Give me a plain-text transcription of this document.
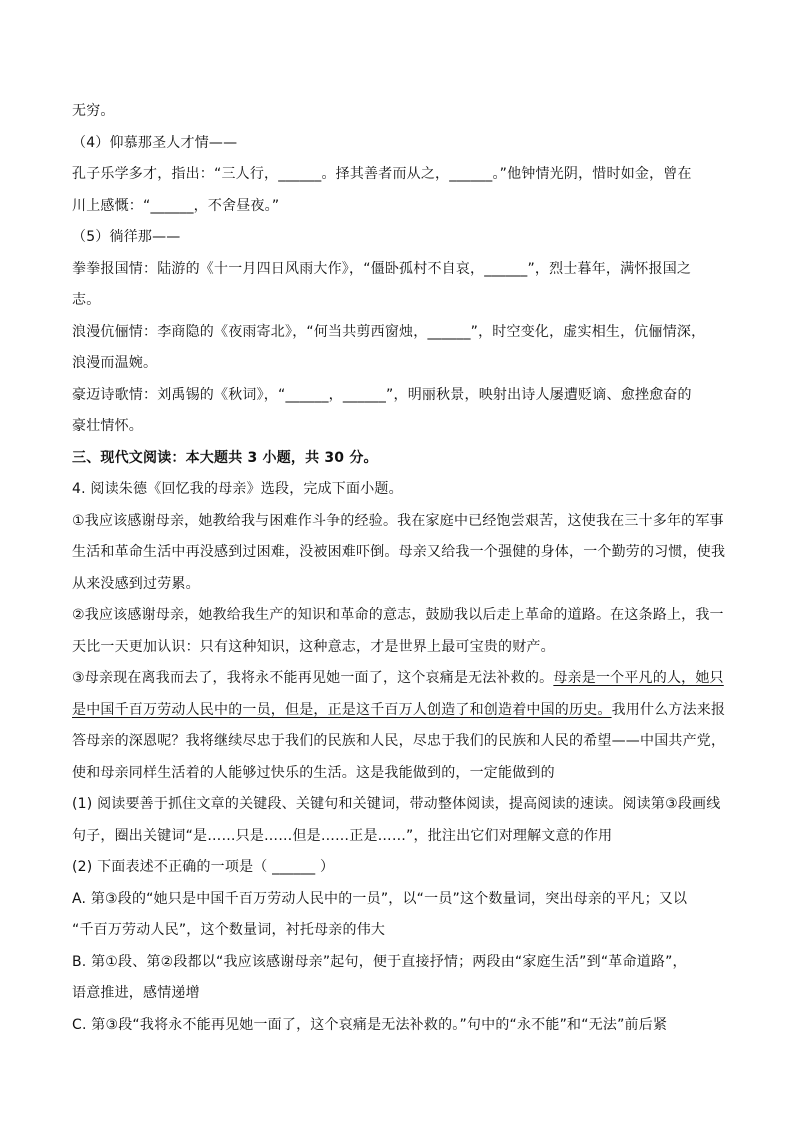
无穷。
（4）仰慕那圣人才情——
孔子乐学多才，指出：“三人行，______。择其善者而从之，______。”他钟情光阴，惜时如金，曾在
川上感慨：“______，不舍昼夜。”
（5）徜徉那——
拳拳报国情：陆游的《十一月四日风雨大作》，“僵卧孤村不自哀，______”，烈士暮年，满怀报国之
志。
浪漫伉俪情：李商隐的《夜雨寄北》，“何当共剪西窗烛，______”，时空变化，虚实相生，伉俪情深，
浪漫而温婉。
豪迈诗歌情：刘禹锡的《秋词》，“______，______”，明丽秋景，映射出诗人屡遭贬谪、愈挫愈奋的
豪壮情怀。
三、现代文阅读：本大题共 3 小题，共 30 分。
4. 阅读朱德《回忆我的母亲》选段，完成下面小题。
①我应该感谢母亲，她教给我与困难作斗争的经验。我在家庭中已经饱尝艰苦，这使我在三十多年的军事
生活和革命生活中再没感到过困难，没被困难吓倒。母亲又给我一个强健的身体，一个勤劳的习惯，使我
从来没感到过劳累。
②我应该感谢母亲，她教给我生产的知识和革命的意志，鼓励我以后走上革命的道路。在这条路上，我一
天比一天更加认识：只有这种知识，这种意志，才是世界上最可宝贵的财产。
③母亲现在离我而去了，我将永不能再见她一面了，这个哀痛是无法补救的。母亲是一个平凡的人，她只
是中国千百万劳动人民中的一员，但是，正是这千百万人创造了和创造着中国的历史。我用什么方法来报
答母亲的深恩呢？我将继续尽忠于我们的民族和人民，尽忠于我们的民族和人民的希望——中国共产党，
使和母亲同样生活着的人能够过快乐的生活。这是我能做到的，一定能做到的
(1) 阅读要善于抓住文章的关键段、关键句和关键词，带动整体阅读，提高阅读的速读。阅读第③段画线
句子，圈出关键词“是……只是……但是……正是……”，批注出它们对理解文意的作用
(2) 下面表述不正确的一项是（ ______ ）
A. 第③段的“她只是中国千百万劳动人民中的一员”，以“一员”这个数量词，突出母亲的平凡；又以
“千百万劳动人民”，这个数量词，衬托母亲的伟大
B. 第①段、第②段都以“我应该感谢母亲”起句，便于直接抒情；两段由“家庭生活”到“革命道路”，
语意推进，感情递增
C. 第③段“我将永不能再见她一面了，这个哀痛是无法补救的。”句中的“永不能”和“无法”前后紧
